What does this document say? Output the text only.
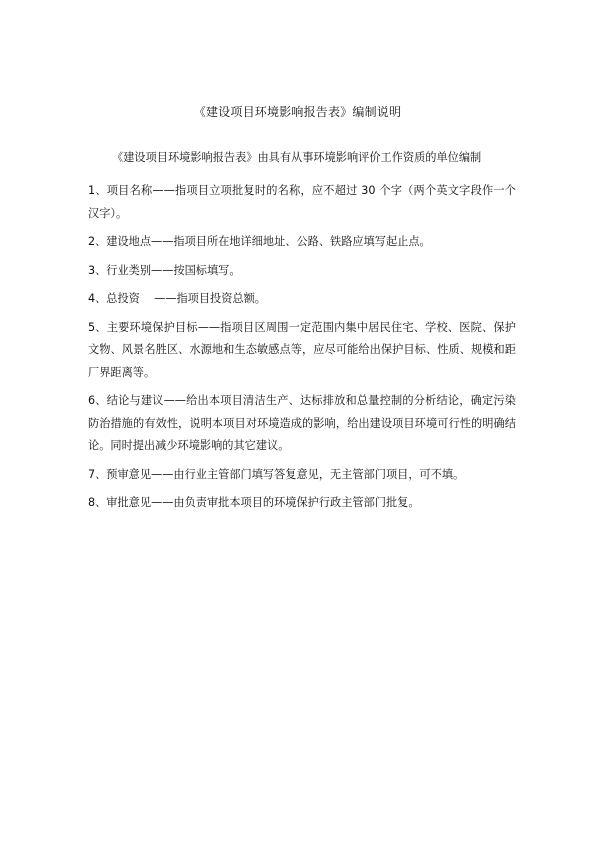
《建设项目环境影响报告表》编制说明

《建设项目环境影响报告表》由具有从事环境影响评价工作资质的单位编制

1、项目名称——指项目立项批复时的名称，应不超过 30 个字（两个英文字段作一个汉字）。

2、建设地点——指项目所在地详细地址、公路、铁路应填写起止点。

3、行业类别——按国标填写。

4、总投资    ——指项目投资总额。

5、主要环境保护目标——指项目区周围一定范围内集中居民住宅、学校、医院、保护文物、风景名胜区、水源地和生态敏感点等，应尽可能给出保护目标、性质、规模和距厂界距离等。

6、结论与建议——给出本项目清洁生产、达标排放和总量控制的分析结论，确定污染防治措施的有效性，说明本项目对环境造成的影响，给出建设项目环境可行性的明确结论。同时提出减少环境影响的其它建议。

7、预审意见——由行业主管部门填写答复意见，无主管部门项目，可不填。

8、审批意见——由负责审批本项目的环境保护行政主管部门批复。
